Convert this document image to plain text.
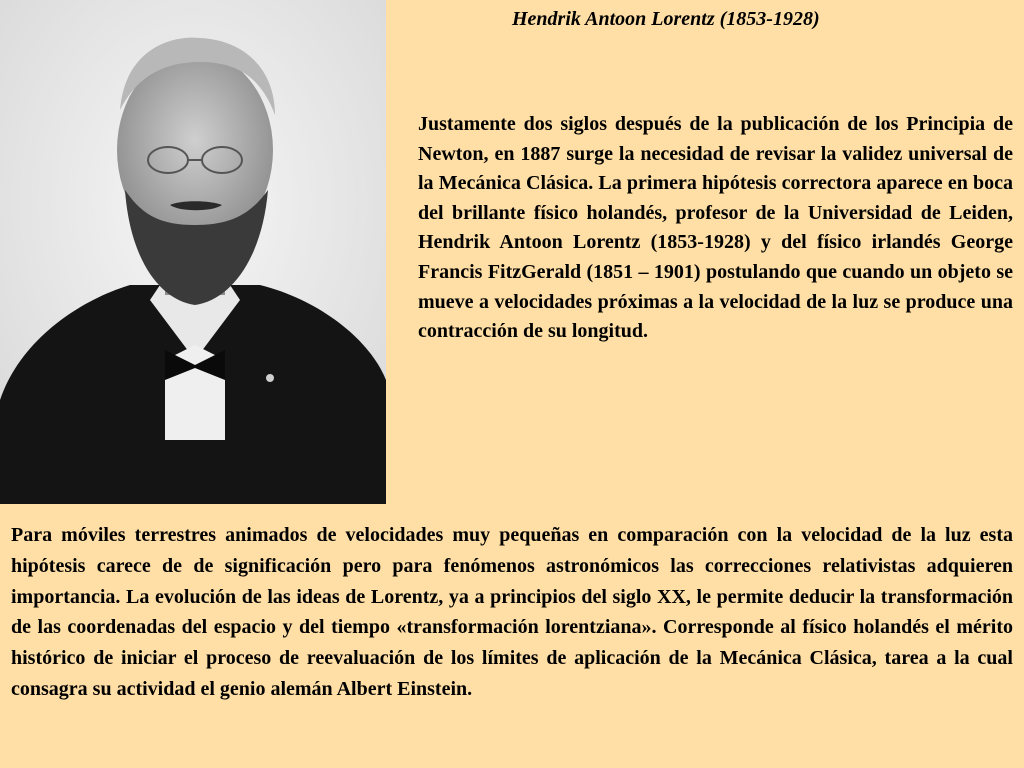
Hendrik Antoon Lorentz (1853-1928)
Justamente dos siglos después de la publicación de los Principia de Newton, en 1887 surge la necesidad de revisar la validez universal de la Mecánica Clásica. La primera hipótesis correctora aparece en boca del brillante físico holandés, profesor de la Universidad de Leiden, Hendrik Antoon Lorentz (1853-1928) y del físico irlandés George Francis FitzGerald (1851 – 1901) postulando que cuando un objeto se mueve a velocidades próximas a la velocidad de la luz se produce una contracción de su longitud.
Para móviles terrestres animados de velocidades muy pequeñas en comparación con la velocidad de la luz esta hipótesis carece de de significación pero para fenómenos astronómicos las correcciones relativistas adquieren importancia. La evolución de las ideas de Lorentz, ya a principios del siglo XX, le permite deducir la transformación de las coordenadas del espacio y del tiempo «transformación lorentziana». Corresponde al físico holandés el mérito histórico de iniciar el proceso de reevaluación de los límites de aplicación de la Mecánica Clásica, tarea a la cual consagra su actividad el genio alemán Albert Einstein.
